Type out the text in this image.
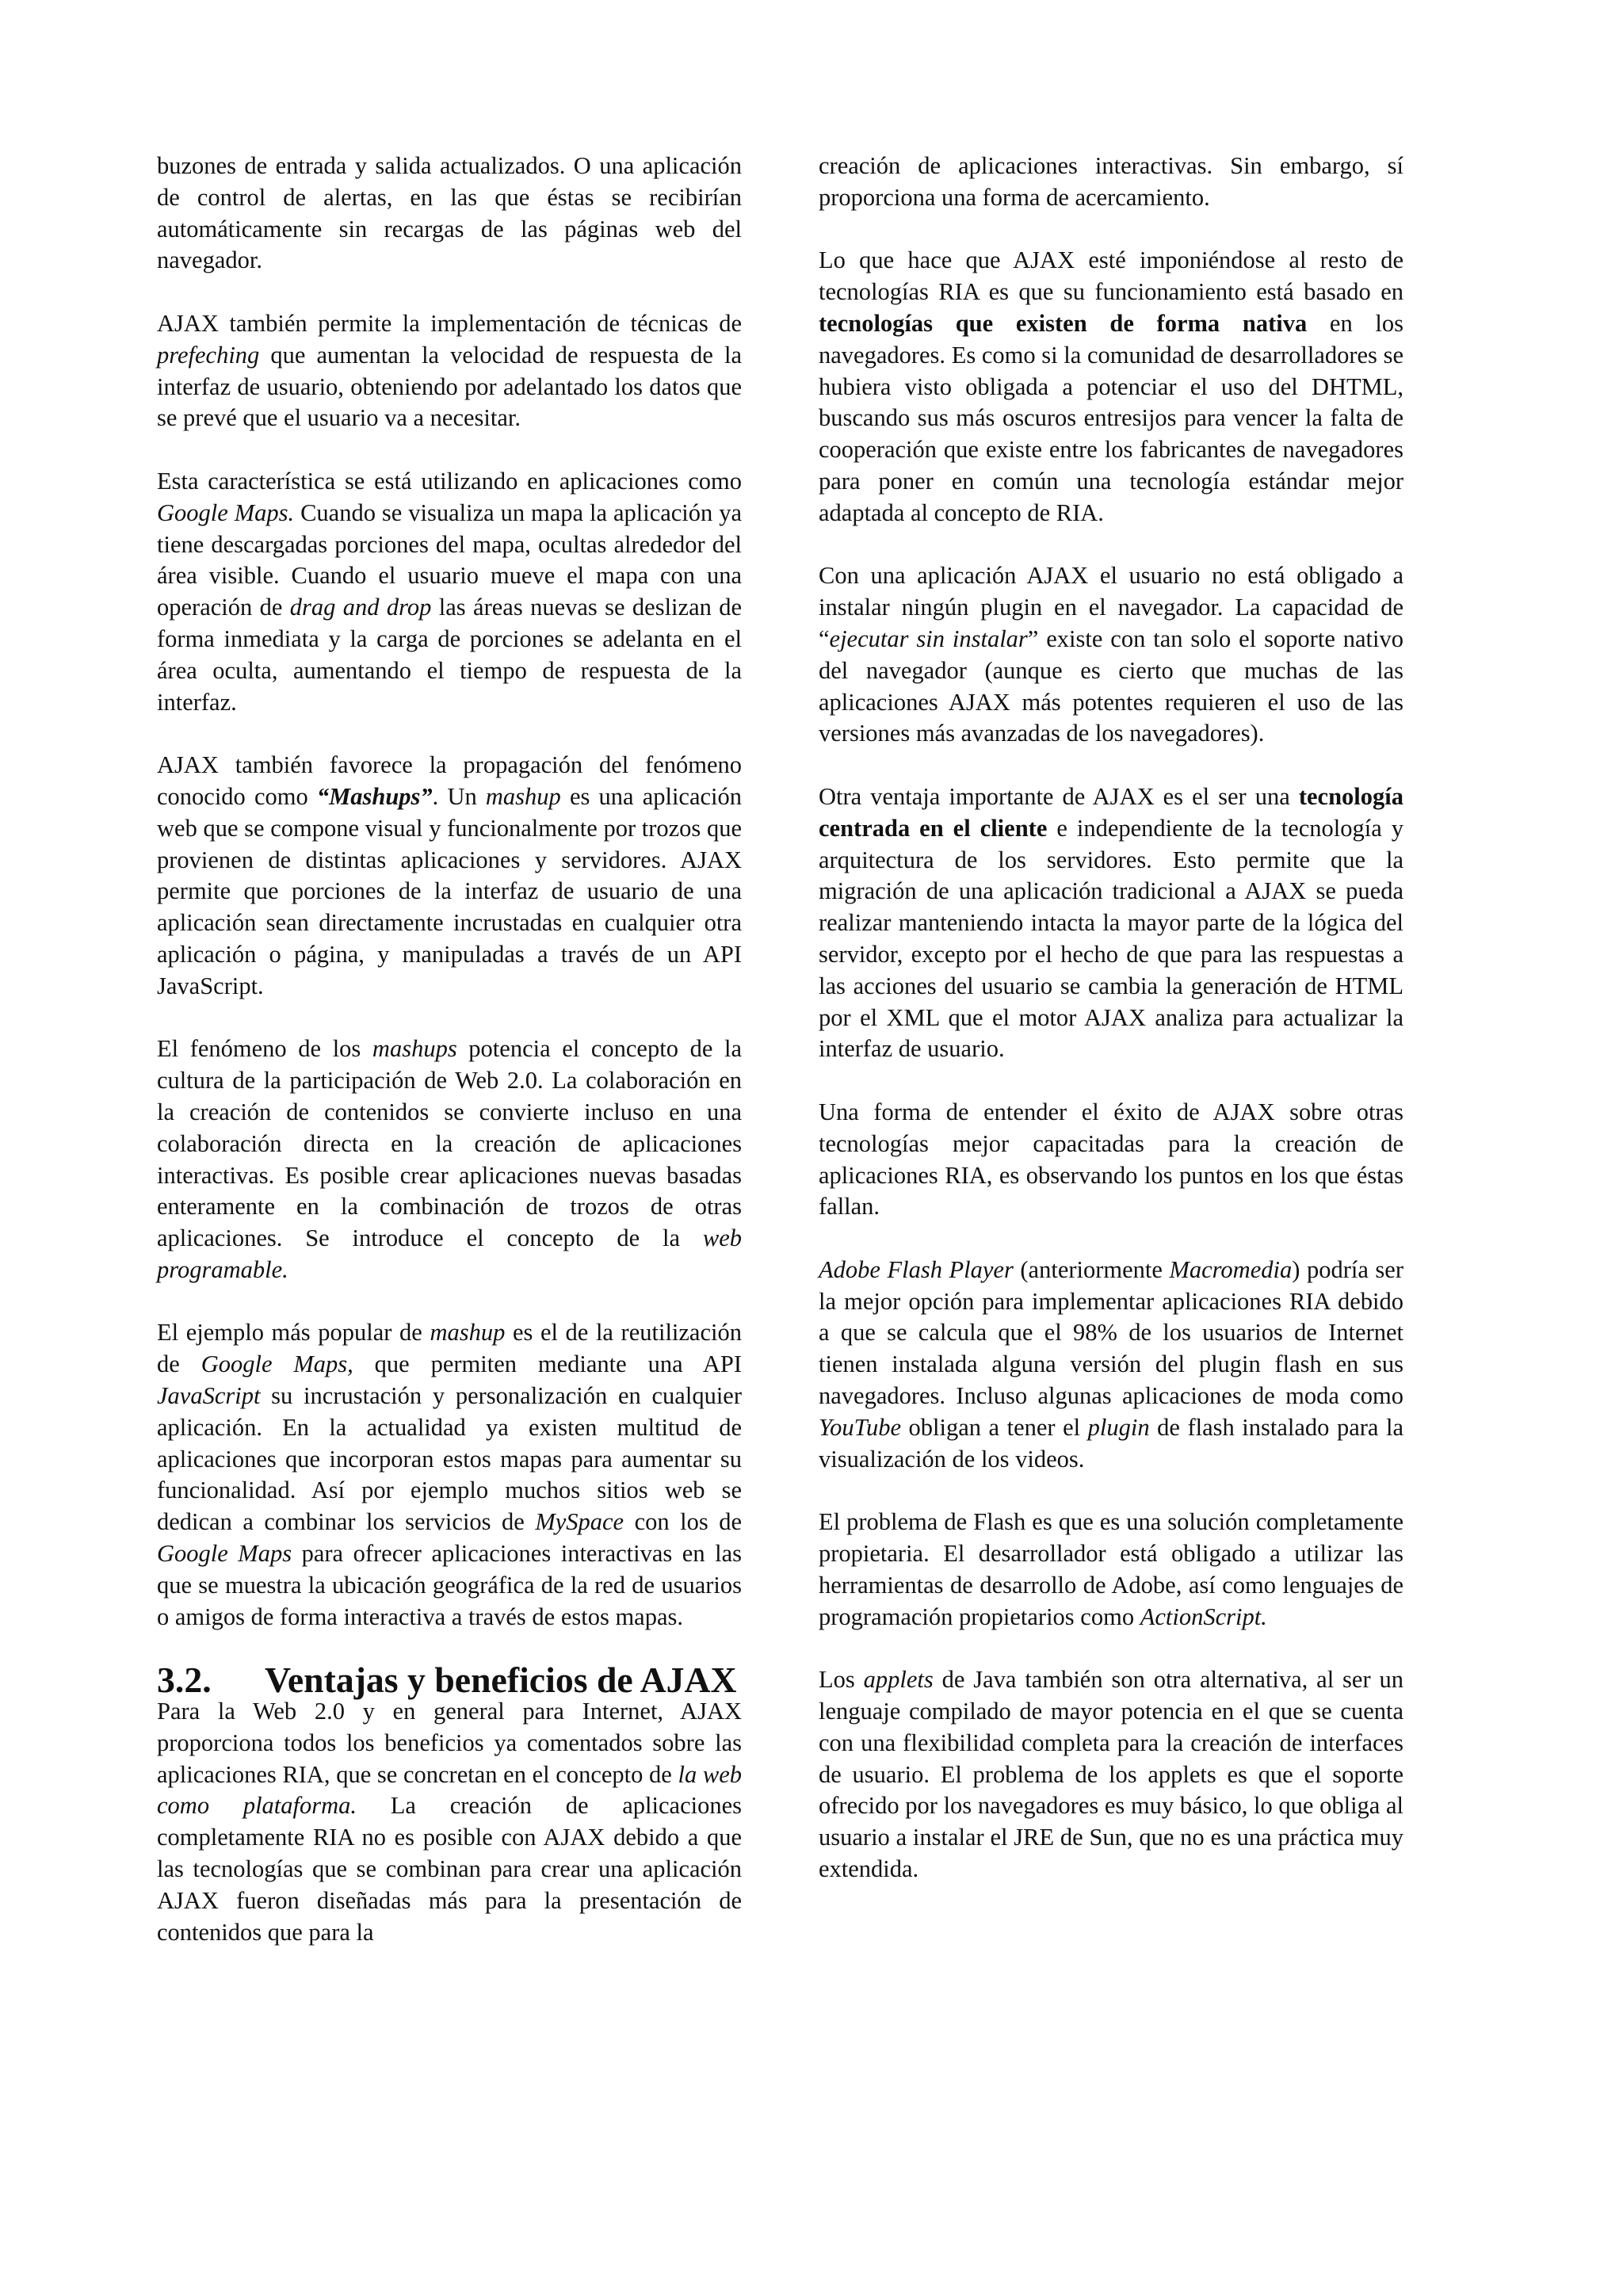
buzones de entrada y salida actualizados. O una aplicación de control de alertas, en las que éstas se recibirían automáticamente sin recargas de las páginas web del navegador.

AJAX también permite la implementación de técnicas de prefeching que aumentan la velocidad de respuesta de la interfaz de usuario, obteniendo por adelantado los datos que se prevé que el usuario va a necesitar.

Esta característica se está utilizando en aplicaciones como Google Maps. Cuando se visualiza un mapa la aplicación ya tiene descargadas porciones del mapa, ocultas alrededor del área visible. Cuando el usuario mueve el mapa con una operación de drag and drop las áreas nuevas se deslizan de forma inmediata y la carga de porciones se adelanta en el área oculta, aumentando el tiempo de respuesta de la interfaz.

AJAX también favorece la propagación del fenómeno conocido como “Mashups”. Un mashup es una aplicación web que se compone visual y funcionalmente por trozos que provienen de distintas aplicaciones y servidores. AJAX permite que porciones de la interfaz de usuario de una aplicación sean directamente incrustadas en cualquier otra aplicación o página, y manipuladas a través de un API JavaScript.

El fenómeno de los mashups potencia el concepto de la cultura de la participación de Web 2.0. La colaboración en la creación de contenidos se convierte incluso en una colaboración directa en la creación de aplicaciones interactivas. Es posible crear aplicaciones nuevas basadas enteramente en la combinación de trozos de otras aplicaciones. Se introduce el concepto de la web programable.

El ejemplo más popular de mashup es el de la reutilización de Google Maps, que permiten mediante una API JavaScript su incrustación y personalización en cualquier aplicación. En la actualidad ya existen multitud de aplicaciones que incorporan estos mapas para aumentar su funcionalidad. Así por ejemplo muchos sitios web se dedican a combinar los servicios de MySpace con los de Google Maps para ofrecer aplicaciones interactivas en las que se muestra la ubicación geográfica de la red de usuarios o amigos de forma interactiva a través de estos mapas.

3.2.	Ventajas y beneficios de AJAX

Para la Web 2.0 y en general para Internet, AJAX proporciona todos los beneficios ya comentados sobre las aplicaciones RIA, que se concretan en el concepto de la web como plataforma. La creación de aplicaciones completamente RIA no es posible con AJAX debido a que las tecnologías que se combinan para crear una aplicación AJAX fueron diseñadas más para la presentación de contenidos que para la

creación de aplicaciones interactivas. Sin embargo, sí proporciona una forma de acercamiento.

Lo que hace que AJAX esté imponiéndose al resto de tecnologías RIA es que su funcionamiento está basado en tecnologías que existen de forma nativa en los navegadores. Es como si la comunidad de desarrolladores se hubiera visto obligada a potenciar el uso del DHTML, buscando sus más oscuros entresijos para vencer la falta de cooperación que existe entre los fabricantes de navegadores para poner en común una tecnología estándar mejor adaptada al concepto de RIA.

Con una aplicación AJAX el usuario no está obligado a instalar ningún plugin en el navegador. La capacidad de “ejecutar sin instalar” existe con tan solo el soporte nativo del navegador (aunque es cierto que muchas de las aplicaciones AJAX más potentes requieren el uso de las versiones más avanzadas de los navegadores).

Otra ventaja importante de AJAX es el ser una tecnología centrada en el cliente e independiente de la tecnología y arquitectura de los servidores. Esto permite que la migración de una aplicación tradicional a AJAX se pueda realizar manteniendo intacta la mayor parte de la lógica del servidor, excepto por el hecho de que para las respuestas a las acciones del usuario se cambia la generación de HTML por el XML que el motor AJAX analiza para actualizar la interfaz de usuario.

Una forma de entender el éxito de AJAX sobre otras tecnologías mejor capacitadas para la creación de aplicaciones RIA, es observando los puntos en los que éstas fallan.

Adobe Flash Player (anteriormente Macromedia) podría ser la mejor opción para implementar aplicaciones RIA debido a que se calcula que el 98% de los usuarios de Internet tienen instalada alguna versión del plugin flash en sus navegadores. Incluso algunas aplicaciones de moda como YouTube obligan a tener el plugin de flash instalado para la visualización de los videos.

El problema de Flash es que es una solución completamente propietaria. El desarrollador está obligado a utilizar las herramientas de desarrollo de Adobe, así como lenguajes de programación propietarios como ActionScript.

Los applets de Java también son otra alternativa, al ser un lenguaje compilado de mayor potencia en el que se cuenta con una flexibilidad completa para la creación de interfaces de usuario. El problema de los applets es que el soporte ofrecido por los navegadores es muy básico, lo que obliga al usuario a instalar el JRE de Sun, que no es una práctica muy extendida.
